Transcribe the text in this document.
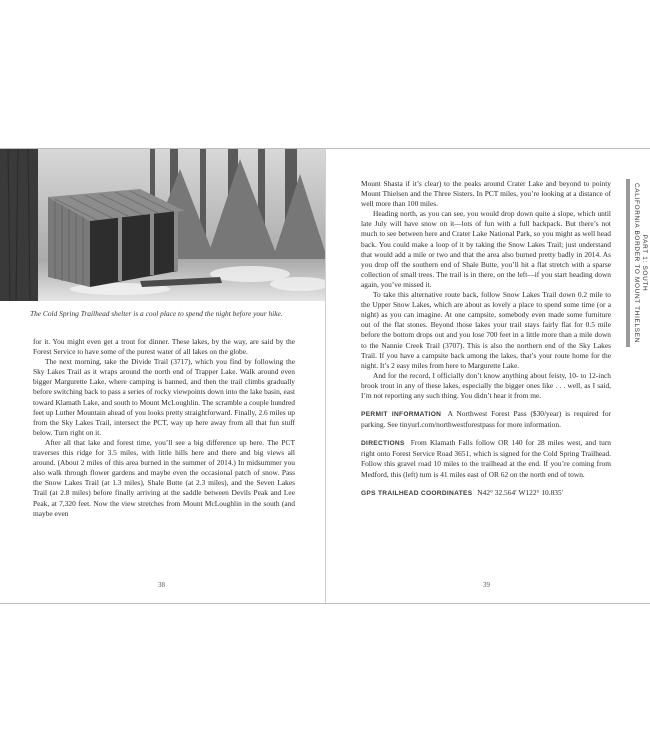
The Cold Spring Trailhead shelter is a cool place to spend the night before your hike.

for it. You might even get a trout for dinner. These lakes, by the way, are said by the Forest Service to have some of the purest water of all lakes on the globe.

The next morning, take the Divide Trail (3717), which you find by following the Sky Lakes Trail as it wraps around the north end of Trapper Lake. Walk around even bigger Margurette Lake, where camping is banned, and then the trail climbs gradually before switching back to pass a series of rocky viewpoints down into the lake basin, east toward Klamath Lake, and south to Mount McLoughlin. The scramble a couple hundred feet up Luther Mountain ahead of you looks pretty straightforward. Finally, 2.6 miles up from the Sky Lakes Trail, intersect the PCT, way up here away from all that fun stuff below. Turn right on it.

After all that lake and forest time, you’ll see a big difference up here. The PCT traverses this ridge for 3.5 miles, with little hills here and there and big views all around. (About 2 miles of this area burned in the summer of 2014.) In midsummer you also walk through flower gardens and maybe even the occasional patch of snow. Pass the Snow Lakes Trail (at 1.3 miles), Shale Butte (at 2.3 miles), and the Seven Lakes Trail (at 2.8 miles) before finally arriving at the saddle between Devils Peak and Lee Peak, at 7,320 feet. Now the view stretches from Mount McLoughlin in the south (and maybe even

38

Mount Shasta if it’s clear) to the peaks around Crater Lake and beyond to pointy Mount Thielsen and the Three Sisters. In PCT miles, you’re looking at a distance of well more than 100 miles.

Heading north, as you can see, you would drop down quite a slope, which until late July will have snow on it—lots of fun with a full backpack. But there’s not much to see between here and Crater Lake National Park, so you might as well head back. You could make a loop of it by taking the Snow Lakes Trail; just understand that would add a mile or two and that the area also burned pretty badly in 2014. As you drop off the southern end of Shale Butte, you’ll hit a flat stretch with a sparse collection of small trees. The trail is in there, on the left—if you start heading down again, you’ve missed it.

To take this alternative route back, follow Snow Lakes Trail down 0.2 mile to the Upper Snow Lakes, which are about as lovely a place to spend some time (or a night) as you can imagine. At one campsite, somebody even made some furniture out of the flat stones. Beyond those lakes your trail stays fairly flat for 0.5 mile before the bottom drops out and you lose 700 feet in a little more than a mile down to the Nannie Creek Trail (3707). This is also the northern end of the Sky Lakes Trail. If you have a campsite back among the lakes, that’s your route home for the night. It’s 2 easy miles from here to Margurette Lake.

And for the record, I officially don’t know anything about feisty, 10- to 12-inch brook trout in any of these lakes, especially the bigger ones like . . . well, as I said, I’m not reporting any such thing. You didn’t hear it from me.

PERMIT INFORMATION A Northwest Forest Pass ($30/year) is required for parking. See tinyurl.com/northwestforestpass for more information.

DIRECTIONS From Klamath Falls follow OR 140 for 28 miles west, and turn right onto Forest Service Road 3651, which is signed for the Cold Spring Trailhead. Follow this gravel road 10 miles to the trailhead at the end. If you’re coming from Medford, this (left) turn is 41 miles east of OR 62 on the north end of town.

GPS TRAILHEAD COORDINATES N42° 32.564′ W122° 10.835′

PART 1: SOUTH
CALIFORNIA BORDER TO MOUNT THIELSEN
39
